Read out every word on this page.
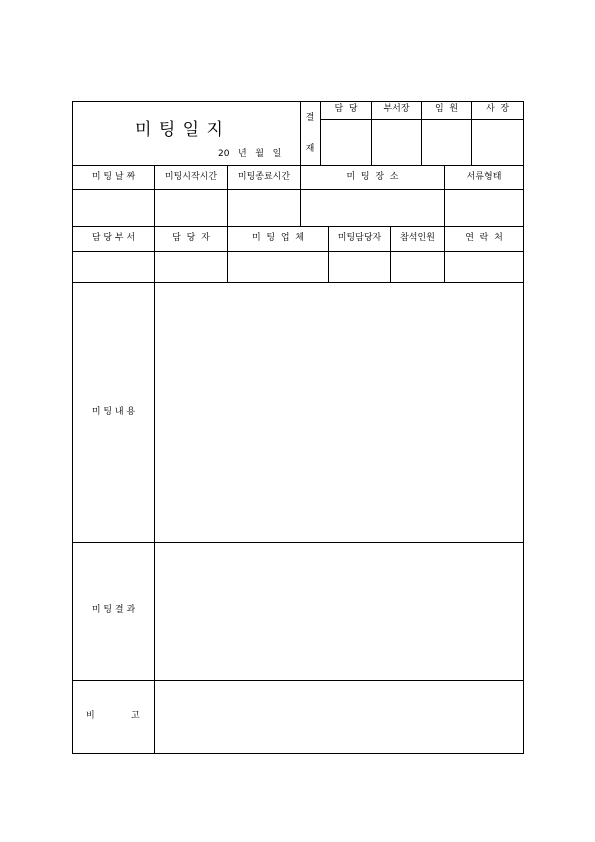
미 팅 일 지
20   년   월   일
결
재
담  당	부서장	임  원	사  장
미 팅 날 짜	미팅시작시간	미팅종료시간	미  팅  장  소	서류형태
담 당 부 서	담  당  자	미  팅  업  체	미팅담당자	참석인원	연  락  처
미 팅 내 용
미 팅 결 과
비	고
